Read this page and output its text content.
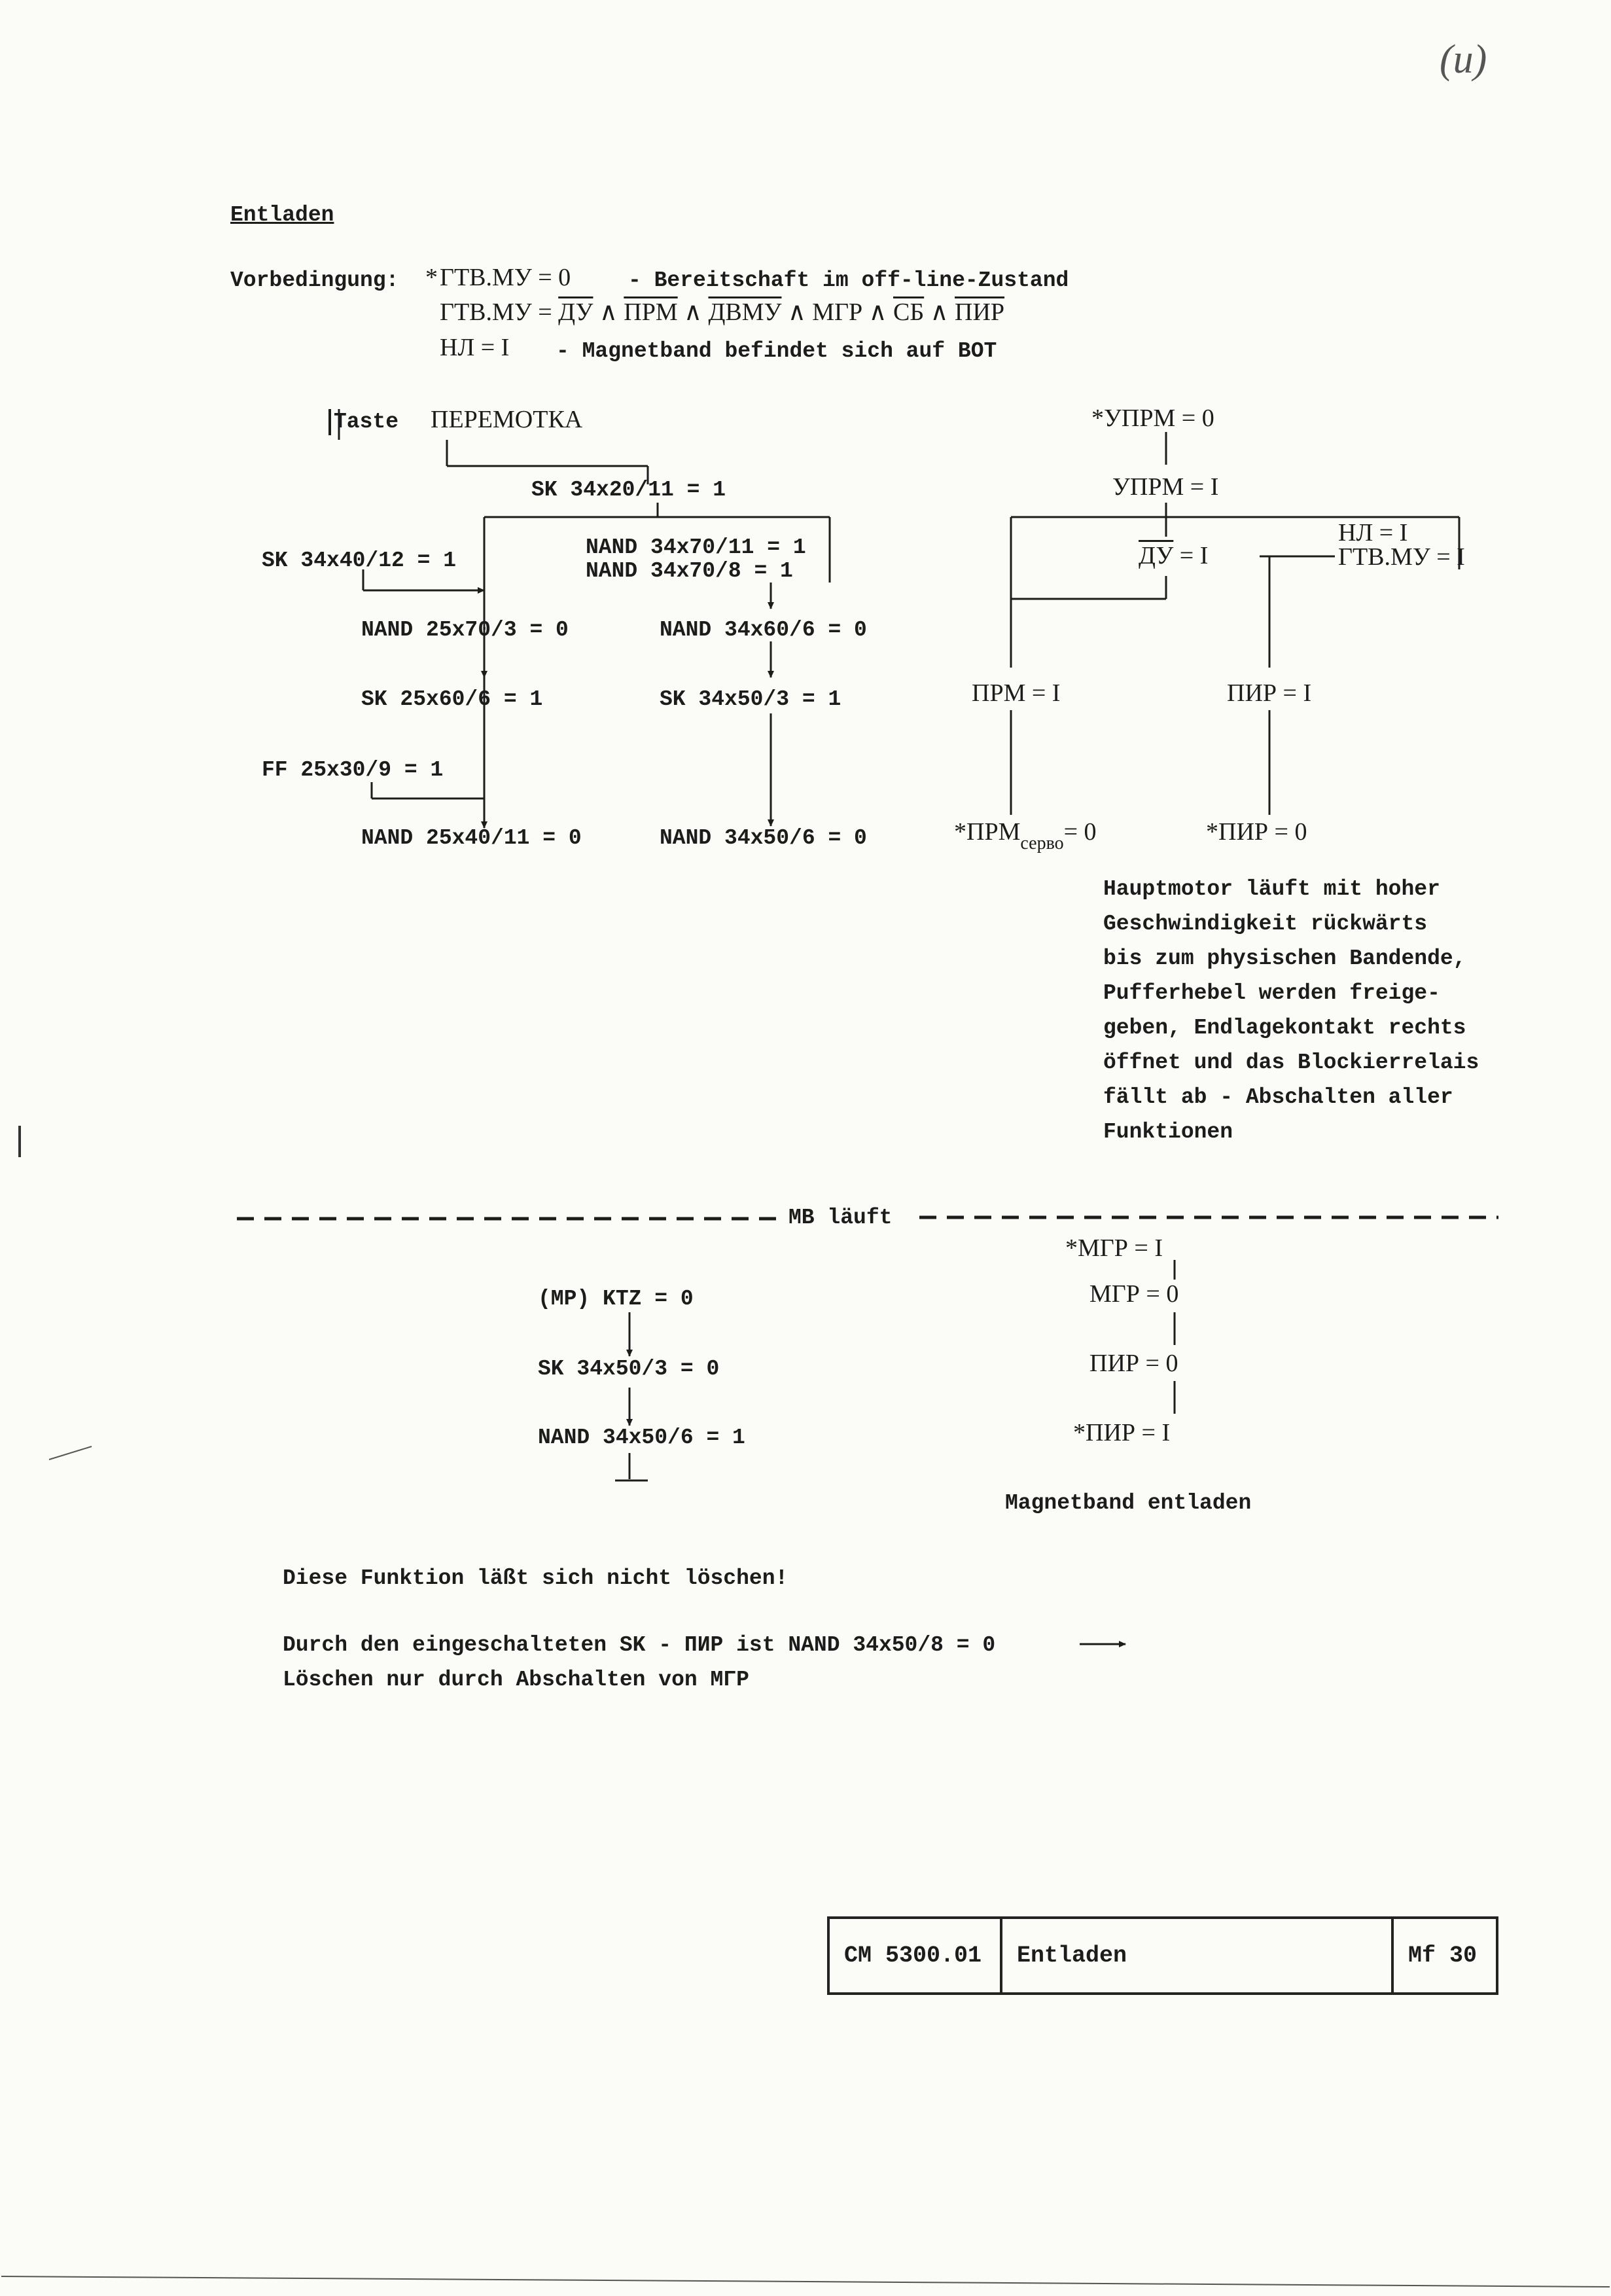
(u)
Entladen
Vorbedingung: * ГТВ.МУ = 0	- Bereitschaft im off-line-Zustand
ГТВ.МУ = ДУ ∧ ПРМ ∧ ДВМУ ∧ МГР ∧ СБ ∧ ПИР
НЛ = I - Magnetband befindet sich auf BOT
Taste ПЕРЕМОТКА
SK 34x20/11 = 1
SK 34x40/12 = 1
NAND 34x70/11 = 1
NAND 34x70/8 = 1
NAND 25x70/3 = 0	NAND 34x60/6 = 0
SK 25x60/6 = 1	SK 34x50/3 = 1
FF 25x30/9 = 1
NAND 25x40/11 = 0	NAND 34x50/6 = 0
*УПРМ = 0
УПРМ = I
НЛ = I
ГТВ.МУ = I
ДУ = I
ПРМ = I	ПИР = I
$*ПРМ_{серво}= 0$	*ПИР = 0
Hauptmotor läuft mit hoher
Geschwindigkeit rückwärts
bis zum physischen Bandende,
Pufferhebel werden freige-
geben, Endlagekontakt rechts
öffnet und das Blockierrelais
fällt ab - Abschalten aller
Funktionen
MB läuft
(MP) KTZ = 0
SK 34x50/3 = 0
NAND 34x50/6 = 1
*МГР = I
МГР = 0
ПИР = 0
*ПИР = I
Magnetband entladen
Diese Funktion läßt sich nicht löschen!
Durch den eingeschalteten SK - ПИР ist NAND 34x50/8 = 0
Löschen nur durch Abschalten von МГР
CM 5300.01	Entladen	Mf 30
